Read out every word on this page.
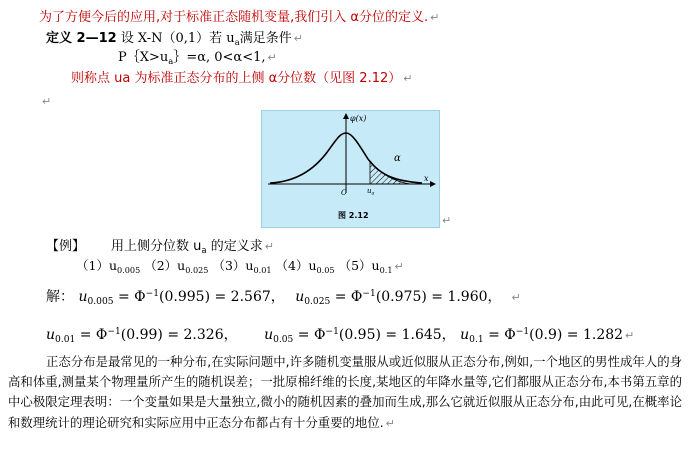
为了方便今后的应用,对于标准正态随机变量,我们引入 α分位的定义. ↵
定义 2—12 设 X-N（0,1）若 $u_a$满足条件 ↵
$P\{X>u_a\}=\alpha$, 0<α<1, ↵
则称点 ua 为标准正态分布的上侧 α分位数（见图 2.12） ↵
↵
φ(x)
x
O
α
$u_a$
图 2.12	↵
【例】 用上侧分位数 $u_a$ 的定义求 ↵
$(1)u_{0.005}$ $(2)u_{0.025}$ $(3)u_{0.01}$ $(4)u_{0.05}$ $(5)u_{0.1}$ ↵
解： $u_{0.005} = \Phi^{-1}(0.995) = 2.567$， $u_{0.025} = \Phi^{-1}(0.975) = 1.960$， ↵
$u_{0.01} = \Phi^{-1}(0.99) = 2.326$， $u_{0.05} = \Phi^{-1}(0.95) = 1.645$， $u_{0.1} = \Phi^{-1}(0.9) = 1.282$ ↵
正态分布是最常见的一种分布,在实际问题中,许多随机变量服从或近似服从正态分布,例如,一个地区的男性成年人的身高和体重,测量某个物理量所产生的随机误差；一批原棉纤维的长度,某地区的年降水量等,它们都服从正态分布,本书第五章的中心极限定理表明：一个变量如果是大量独立,微小的随机因素的叠加而生成,那么它就近似服从正态分布,由此可见,在概率论和数理统计的理论研究和实际应用中正态分布都占有十分重要的地位. ↵
